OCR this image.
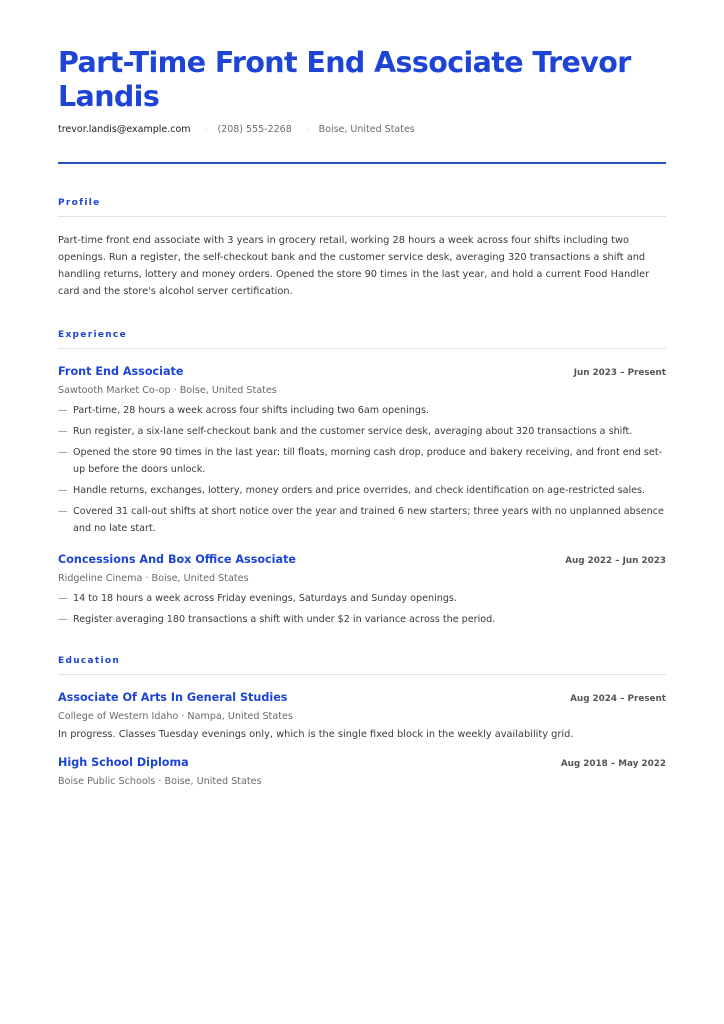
Part-Time Front End Associate Trevor Landis
trevor.landis@example.com · (208) 555-2268 · Boise, United States
Profile
Part-time front end associate with 3 years in grocery retail, working 28 hours a week across four shifts including two openings. Run a register, the self-checkout bank and the customer service desk, averaging 320 transactions a shift and handling returns, lottery and money orders. Opened the store 90 times in the last year, and hold a current Food Handler card and the store's alcohol server certification.
Experience
Front End Associate	Jun 2023 – Present
Sawtooth Market Co-op · Boise, United States
— Part-time, 28 hours a week across four shifts including two 6am openings.
— Run register, a six-lane self-checkout bank and the customer service desk, averaging about 320 transactions a shift.
— Opened the store 90 times in the last year: till floats, morning cash drop, produce and bakery receiving, and front end set-up before the doors unlock.
— Handle returns, exchanges, lottery, money orders and price overrides, and check identification on age-restricted sales.
— Covered 31 call-out shifts at short notice over the year and trained 6 new starters; three years with no unplanned absence and no late start.
Concessions And Box Office Associate	Aug 2022 – Jun 2023
Ridgeline Cinema · Boise, United States
— 14 to 18 hours a week across Friday evenings, Saturdays and Sunday openings.
— Register averaging 180 transactions a shift with under $2 in variance across the period.
Education
Associate Of Arts In General Studies	Aug 2024 – Present
College of Western Idaho · Nampa, United States
In progress. Classes Tuesday evenings only, which is the single fixed block in the weekly availability grid.
High School Diploma	Aug 2018 – May 2022
Boise Public Schools · Boise, United States
